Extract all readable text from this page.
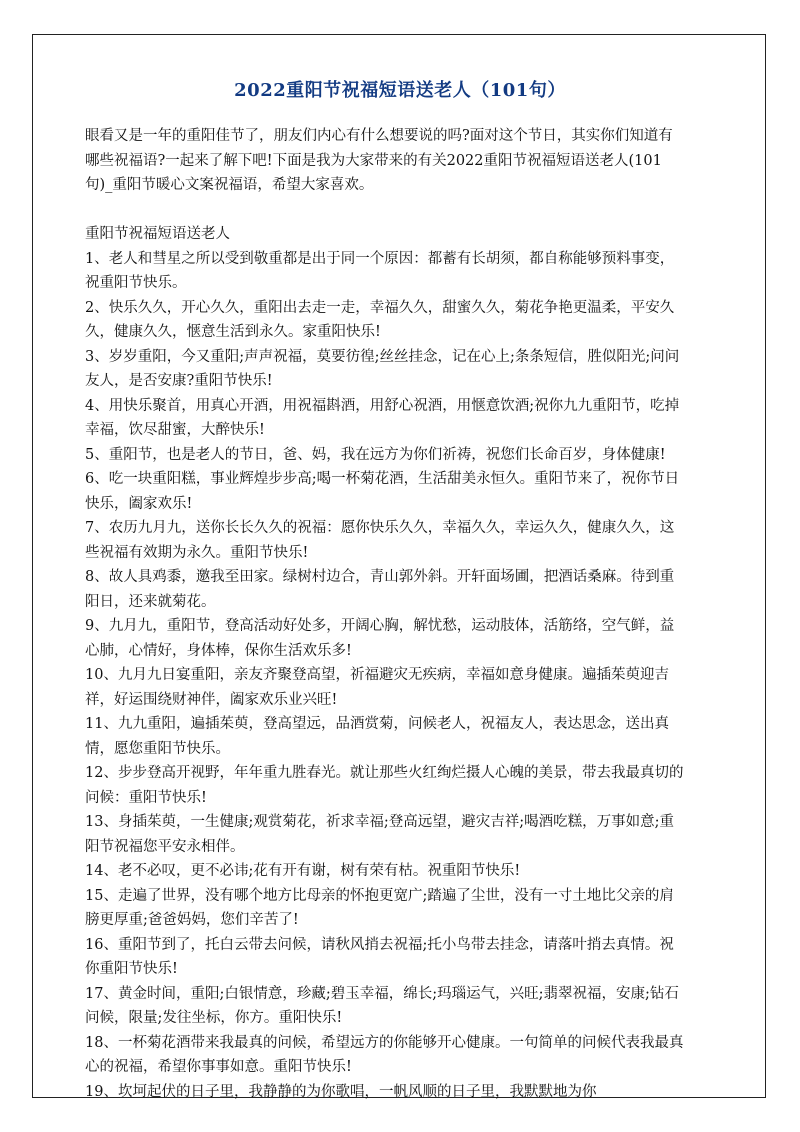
2022重阳节祝福短语送老人（101句）

眼看又是一年的重阳佳节了，朋友们内心有什么想要说的吗?面对这个节日，其实你们知道有哪些祝福语?一起来了解下吧!下面是我为大家带来的有关2022重阳节祝福短语送老人(101句)_重阳节暖心文案祝福语，希望大家喜欢。

重阳节祝福短语送老人

1、老人和彗星之所以受到敬重都是出于同一个原因：都蓄有长胡须，都自称能够预料事变，祝重阳节快乐。

2、快乐久久，开心久久，重阳出去走一走，幸福久久，甜蜜久久，菊花争艳更温柔，平安久久，健康久久，惬意生活到永久。家重阳快乐!

3、岁岁重阳，今又重阳;声声祝福，莫要彷徨;丝丝挂念，记在心上;条条短信，胜似阳光;问问友人，是否安康?重阳节快乐!

4、用快乐聚首，用真心开酒，用祝福斟酒，用舒心祝酒，用惬意饮酒;祝你九九重阳节，吃掉幸福，饮尽甜蜜，大醉快乐!

5、重阳节，也是老人的节日，爸、妈，我在远方为你们祈祷，祝您们长命百岁，身体健康!

6、吃一块重阳糕，事业辉煌步步高;喝一杯菊花酒，生活甜美永恒久。重阳节来了，祝你节日快乐，阖家欢乐!

7、农历九月九，送你长长久久的祝福：愿你快乐久久，幸福久久，幸运久久，健康久久，这些祝福有效期为永久。重阳节快乐!

8、故人具鸡黍，邀我至田家。绿树村边合，青山郭外斜。开轩面场圃，把酒话桑麻。待到重阳日，还来就菊花。

9、九月九，重阳节，登高活动好处多，开阔心胸，解忧愁，运动肢体，活筋络，空气鲜，益心肺，心情好，身体棒，保你生活欢乐多!

10、九月九日宴重阳，亲友齐聚登高望，祈福避灾无疾病，幸福如意身健康。遍插茱萸迎吉祥，好运围绕财神伴，阖家欢乐业兴旺!

11、九九重阳，遍插茱萸，登高望远，品酒赏菊，问候老人，祝福友人，表达思念，送出真情，愿您重阳节快乐。

12、步步登高开视野，年年重九胜春光。就让那些火红绚烂摄人心魄的美景，带去我最真切的问候：重阳节快乐!

13、身插茱萸，一生健康;观赏菊花，祈求幸福;登高远望，避灾吉祥;喝酒吃糕，万事如意;重阳节祝福您平安永相伴。

14、老不必叹，更不必讳;花有开有谢，树有荣有枯。祝重阳节快乐!

15、走遍了世界，没有哪个地方比母亲的怀抱更宽广;踏遍了尘世，没有一寸土地比父亲的肩膀更厚重;爸爸妈妈，您们辛苦了!

16、重阳节到了，托白云带去问候，请秋风捎去祝福;托小鸟带去挂念，请落叶捎去真情。祝你重阳节快乐!

17、黄金时间，重阳;白银情意，珍藏;碧玉幸福，绵长;玛瑙运气，兴旺;翡翠祝福，安康;钻石问候，限量;发往坐标，你方。重阳快乐!

18、一杯菊花酒带来我最真的问候，希望远方的你能够开心健康。一句简单的问候代表我最真心的祝福，希望你事事如意。重阳节快乐!

19、坎坷起伏的日子里，我静静的为你歌唱，一帆风顺的日子里，我默默地为你
